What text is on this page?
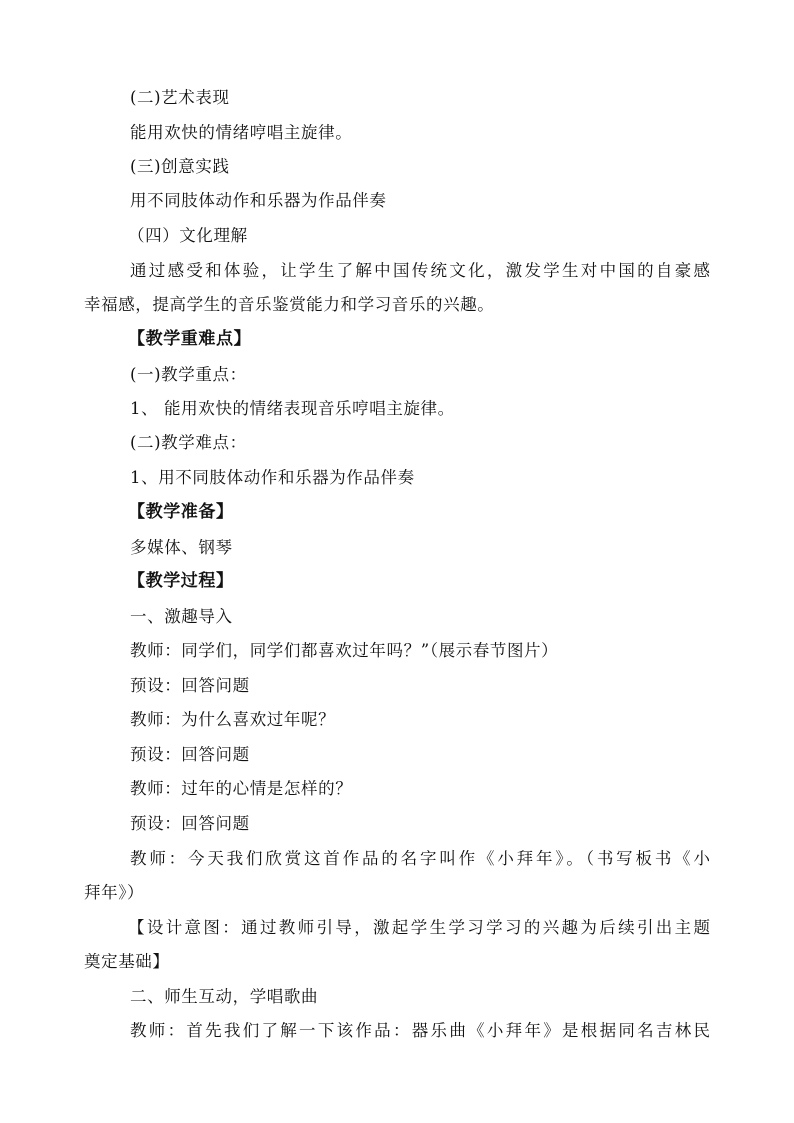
(二)艺术表现
能用欢快的情绪哼唱主旋律。
(三)创意实践
用不同肢体动作和乐器为作品伴奏
（四）文化理解
通过感受和体验，让学生了解中国传统文化，激发学生对中国的自豪感
幸福感，提高学生的音乐鉴赏能力和学习音乐的兴趣。
【教学重难点】
(一)教学重点：
1、 能用欢快的情绪表现音乐哼唱主旋律。
(二)教学难点：
1、用不同肢体动作和乐器为作品伴奏
【教学准备】
多媒体、钢琴
【教学过程】
一、激趣导入
教师：同学们，同学们都喜欢过年吗？”（展示春节图片）
预设：回答问题
教师：为什么喜欢过年呢？
预设：回答问题
教师：过年的心情是怎样的？
预设：回答问题
教师：今天我们欣赏这首作品的名字叫作《小拜年》。（书写板书《小
拜年》）
【设计意图：通过教师引导，激起学生学习学习的兴趣为后续引出主题
奠定基础】
二、师生互动，学唱歌曲
教师：首先我们了解一下该作品：器乐曲《小拜年》是根据同名吉林民
